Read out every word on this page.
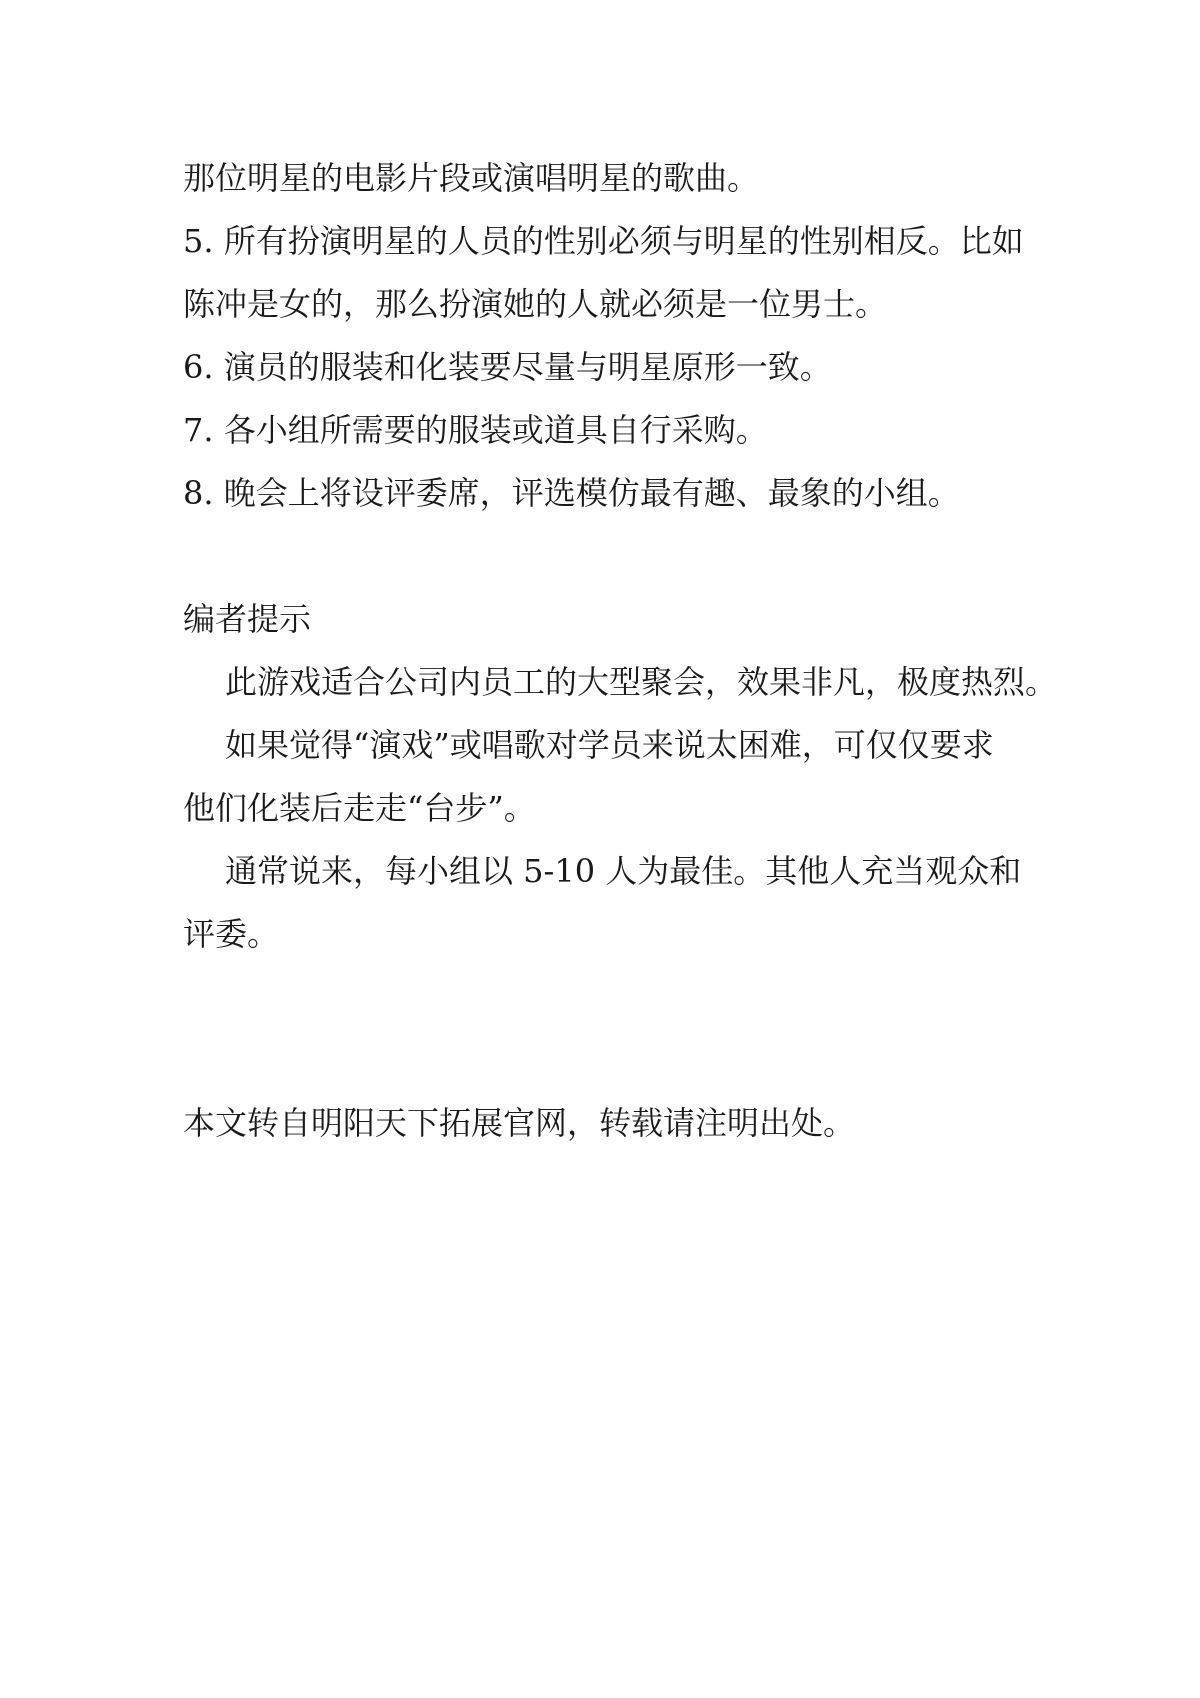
那位明星的电影片段或演唱明星的歌曲。
5. 所有扮演明星的人员的性别必须与明星的性别相反。比如
陈冲是女的，那么扮演她的人就必须是一位男士。
6. 演员的服装和化装要尽量与明星原形一致。
7. 各小组所需要的服装或道具自行采购。
8. 晚会上将设评委席，评选模仿最有趣、最象的小组。
编者提示
此游戏适合公司内员工的大型聚会，效果非凡，极度热烈。
如果觉得“演戏”或唱歌对学员来说太困难，可仅仅要求
他们化装后走走“台步”。
通常说来，每小组以 5-10 人为最佳。其他人充当观众和
评委。
本文转自明阳天下拓展官网，转载请注明出处。
